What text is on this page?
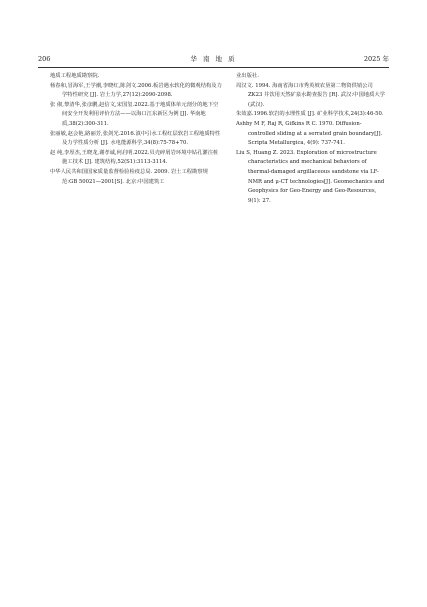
206	华 南 地 质	2025 年

地质工程地质勘察院.

杨春和,冒海军,王学潮,李晓红,陈剑文.2006.板岩遇水软化的微观结构及力学特性研究 [J]. 岩土力学,27(12):2090-2098.

张 俶,黎清华,张彦鹏,赵信文,宋国玺.2022.基于地质体单元剖分的地下空间安全开发利用评价方法——以海口江东新区为例 [J]. 华南地质,38(2):300-311.

张丽敏,赵会艳,路丽芳,张剑光.2016.滇中引水工程红层软岩工程地质特性及力学性质分析 [J]. 水电能源科学,34(8):75-78+70.

赵 纯,李厚杰,王晓龙,谢孝诚,何启明.2022.贝壳碎屑岩环境中钻孔灌注桩施工技术 [J]. 建筑结构,52(S1):3113-3114.

中华人民共和国国家质量监督检验检疫总局. 2009. 岩土工程勘察规范:GB 50021—2001[S]. 北京:中国建筑工

业出版社.

周汉文. 1994. 海南省海口市秀英坡农垦第二物资供销公司 ZK23 井饮用天然矿泉水勘查报告 [R]. 武汉:中国地质大学(武汉).

朱效嘉.1996.软岩的水理性质 [J]. 矿业科学技术,24(3):46-50.

Ashby M F, Raj R, Gifkins R C. 1970. Diffusion-controlled sliding at a serrated grain boundary[J]. Scripta Metallurgica, 4(9): 737-741.

Liu S, Huang Z. 2023. Exploration of microstructure characteristics and mechanical behaviors of thermal-damaged argillaceous sandstone via LF-NMR and μ-CT technologies[J]. Geomechanics and Geophysics for Geo-Energy and Geo-Resources, 9(1): 27.
